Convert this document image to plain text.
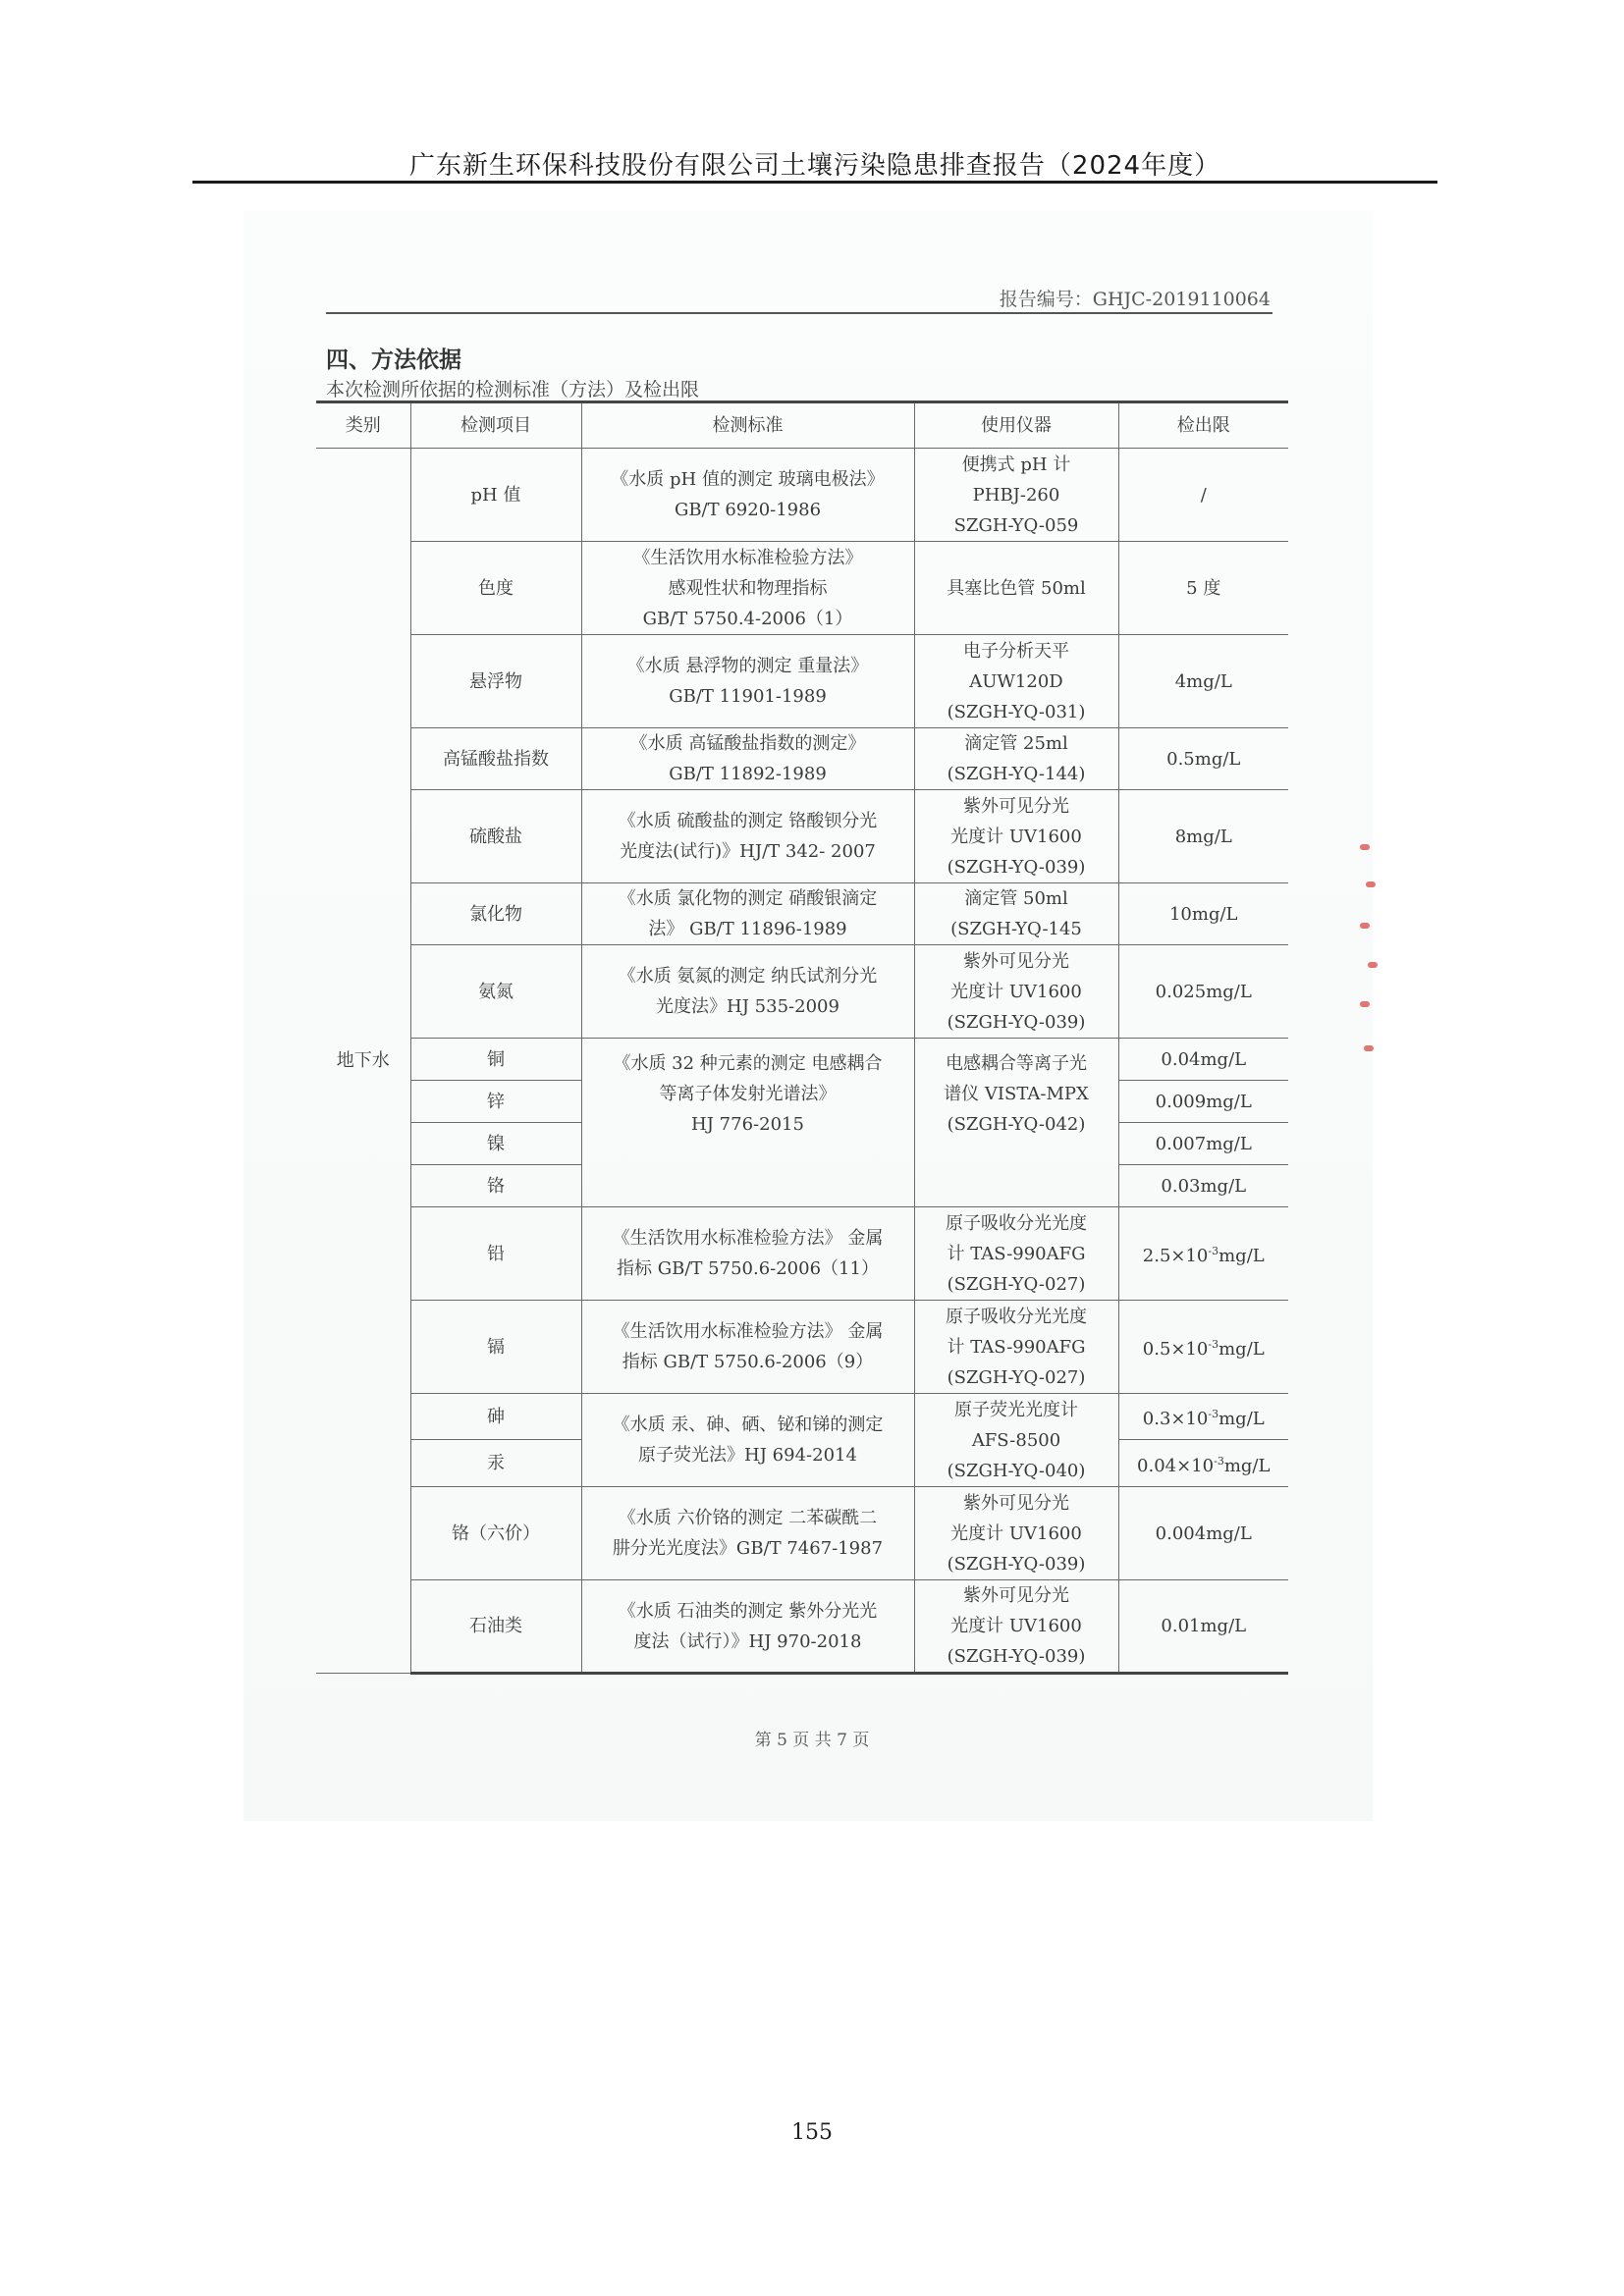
广东新生环保科技股份有限公司土壤污染隐患排查报告（2024年度）
报告编号：GHJC-2019110064
四、方法依据
本次检测所依据的检测标准（方法）及检出限
类别	检测项目	检测标准	使用仪器	检出限
地下水	pH 值	《水质 pH 值的测定 玻璃电极法》
GB/T 6920-1986	便携式 pH 计
PHBJ-260
SZGH-YQ-059	/
	色度	《生活饮用水标准检验方法》
感观性状和物理指标
GB/T 5750.4-2006（1）	具塞比色管 50ml	5 度
	悬浮物	《水质 悬浮物的测定 重量法》
GB/T 11901-1989	电子分析天平
AUW120D
(SZGH-YQ-031)	4mg/L
	高锰酸盐指数	《水质 高锰酸盐指数的测定》
GB/T 11892-1989	滴定管 25ml
(SZGH-YQ-144)	0.5mg/L
	硫酸盐	《水质 硫酸盐的测定 铬酸钡分光
光度法(试行)》HJ/T 342- 2007	紫外可见分光
光度计 UV1600
(SZGH-YQ-039)	8mg/L
	氯化物	《水质 氯化物的测定 硝酸银滴定
法》 GB/T 11896-1989	滴定管 50ml
(SZGH-YQ-145	10mg/L
	氨氮	《水质 氨氮的测定 纳氏试剂分光
光度法》HJ 535-2009	紫外可见分光
光度计 UV1600
(SZGH-YQ-039)	0.025mg/L
	铜	《水质 32 种元素的测定 电感耦合
等离子体发射光谱法》
HJ 776-2015	电感耦合等离子光
谱仪 VISTA-MPX
(SZGH-YQ-042)	0.04mg/L
	锌			0.009mg/L
	镍			0.007mg/L
	铬			0.03mg/L
	铅	《生活饮用水标准检验方法》 金属
指标 GB/T 5750.6-2006（11）	原子吸收分光光度
计 TAS-990AFG
(SZGH-YQ-027)	$2.5\times 10^{-3}mg/L$
	镉	《生活饮用水标准检验方法》 金属
指标 GB/T 5750.6-2006（9）	原子吸收分光光度
计 TAS-990AFG
(SZGH-YQ-027)	$0.5\times 10^{-3}mg/L$
	砷	《水质 汞、砷、硒、铋和锑的测定
原子荧光法》HJ 694-2014	原子荧光光度计
AFS-8500
(SZGH-YQ-040)	$0.3\times 10^{-3}mg/L$
	汞			$0.04\times 10^{-3}mg/L$
	铬（六价）	《水质 六价铬的测定 二苯碳酰二
肼分光光度法》GB/T 7467-1987	紫外可见分光
光度计 UV1600
(SZGH-YQ-039)	0.004mg/L
	石油类	《水质 石油类的测定 紫外分光光
度法（试行）》HJ 970-2018	紫外可见分光
光度计 UV1600
(SZGH-YQ-039)	0.01mg/L
第 5 页 共 7 页
155
